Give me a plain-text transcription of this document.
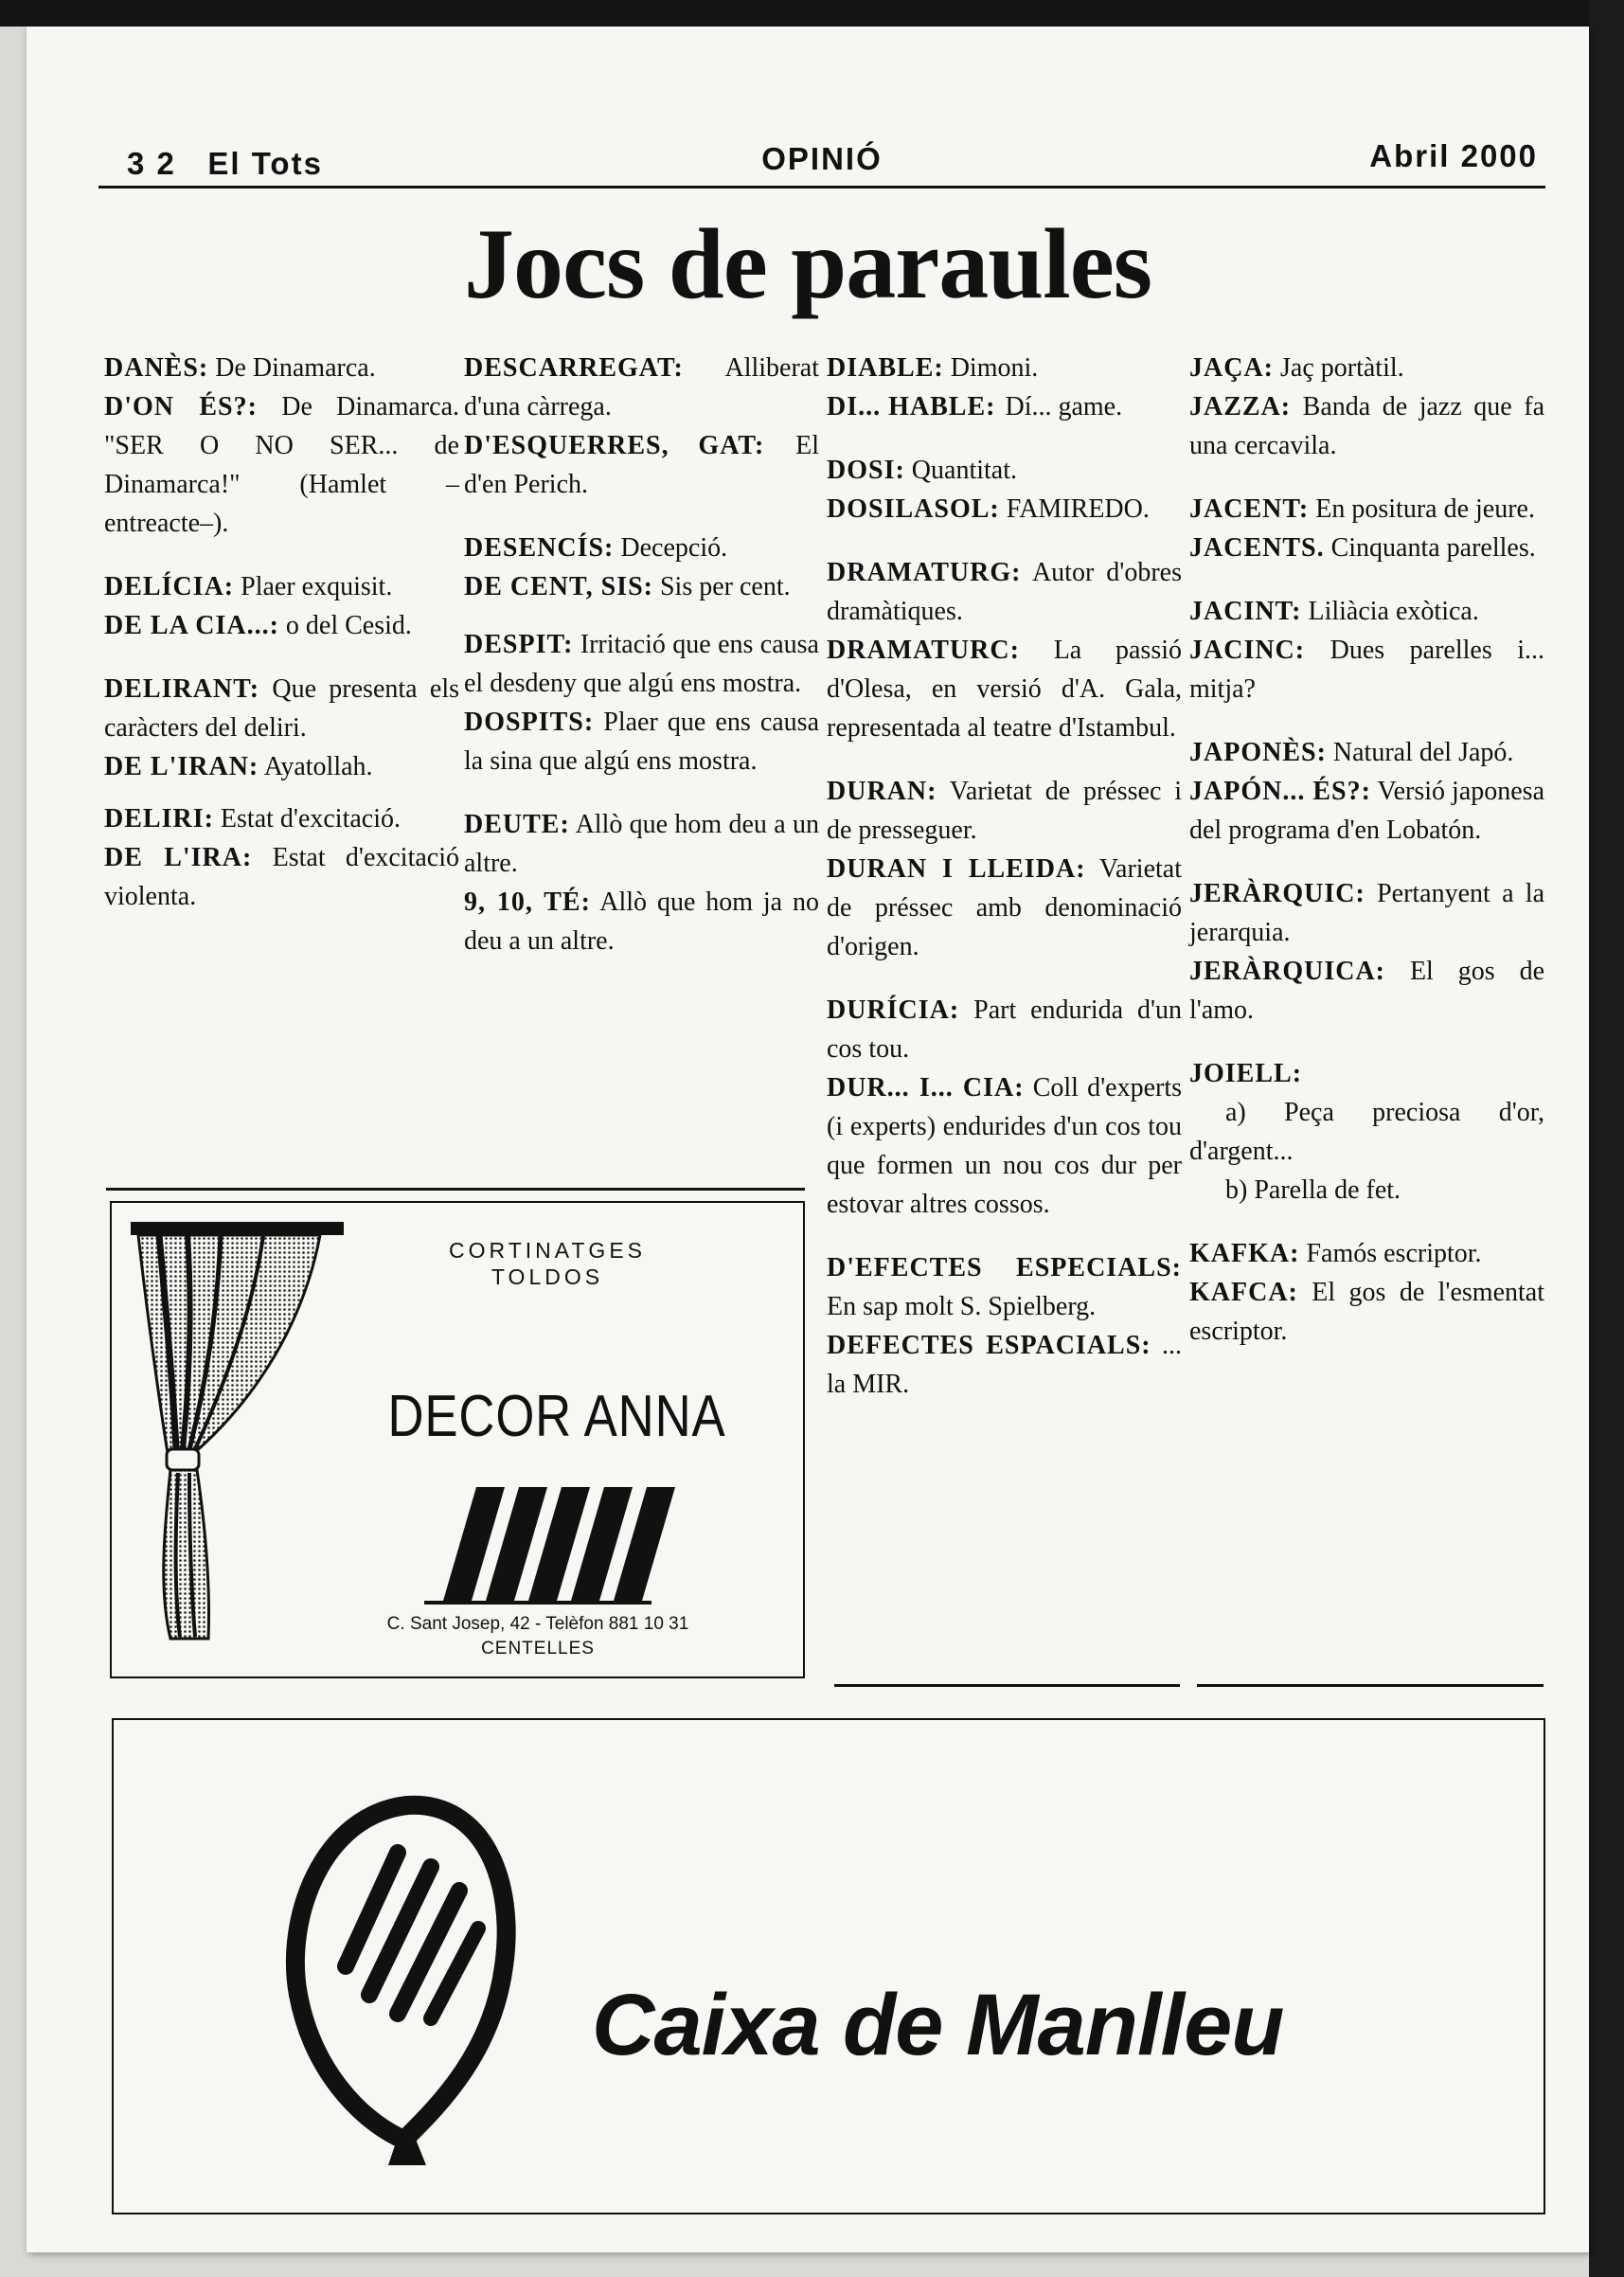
3 2   El Tots	OPINIÓ	Abril 2000
Jocs de paraules

DANÈS: De Dinamarca.

D'ON ÉS?: De Dinamarca. "SER O NO SER... de Dinamarca!" (Hamlet –entreacte–).

DELÍCIA: Plaer exquisit.

DE LA CIA...: o del Cesid.

DELIRANT: Que presenta els caràcters del deliri.

DE L'IRAN: Ayatollah.

DELIRI: Estat d'excitació.

DE L'IRA: Estat d'excitació violenta.

DESCARREGAT: Alliberat d'una càrrega.

D'ESQUERRES, GAT: El d'en Perich.

DESENCÍS: Decepció.

DE CENT, SIS: Sis per cent.

DESPIT: Irritació que ens causa el desdeny que algú ens mostra.

DOSPITS: Plaer que ens causa la sina que algú ens mostra.

DEUTE: Allò que hom deu a un altre.

9, 10, TÉ: Allò que hom ja no deu a un altre.

DIABLE: Dimoni.

DI... HABLE: Dí... game.

DOSI: Quantitat.

DOSILASOL: FAMIREDO.

DRAMATURG: Autor d'obres dramàtiques.

DRAMATURC: La passió d'Olesa, en versió d'A. Gala, representada al teatre d'Istambul.

DURAN: Varietat de préssec i de presseguer.

DURAN I LLEIDA: Varietat de préssec amb denominació d'origen.

DURÍCIA: Part endurida d'un cos tou.

DUR... I... CIA: Coll d'experts (i experts) endurides d'un cos tou que formen un nou cos dur per estovar altres cossos.

D'EFECTES ESPECIALS: En sap molt S. Spielberg.

DEFECTES ESPACIALS: ... la MIR.

JAÇA: Jaç portàtil.

JAZZA: Banda de jazz que fa una cercavila.

JACENT: En positura de jeure.

JACENTS. Cinquanta parelles.

JACINT: Liliàcia exòtica.

JACINC: Dues parelles i... mitja?

JAPONÈS: Natural del Japó.

JAPÓN... ÉS?: Versió japonesa del programa d'en Lobatón.

JERÀRQUIC: Pertanyent a la jerarquia.

JERÀRQUICA: El gos de l'amo.

JOIELL:

a) Peça preciosa d'or, d'argent...

b) Parella de fet.

KAFKA: Famós escriptor.

KAFCA: El gos de l'esmentat escriptor.

CORTINATGES
TOLDOS
DECOR ANNA
C. Sant Josep, 42 - Telèfon 881 10 31
CENTELLES
Caixa de Manlleu
